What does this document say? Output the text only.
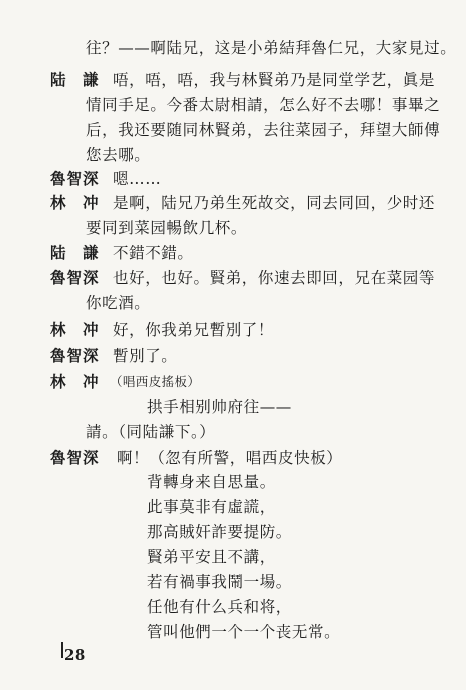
往？——啊陆兄，这是小弟結拜魯仁兄，大家見过。
陆　謙 唔，唔，唔，我与林賢弟乃是同堂学艺，眞是
情同手足。今番太尉相請，怎么好不去哪！事畢之
后，我还要随同林賢弟，去往菜园子，拜望大師傅
您去哪。
魯智深 嗯……
林　冲 是啊，陆兄乃弟生死故交，同去同回，少时还
要同到菜园暢飲几杯。
陆　謙 不錯不錯。
魯智深 也好，也好。賢弟，你速去即回，兄在菜园等
你吃酒。
林　冲 好，你我弟兄暫別了！
魯智深 暫別了。
林　冲 （唱西皮搖板）
拱手相别帅府往——
請。（同陆謙下。）
魯智深 啊！（忽有所警，唱西皮快板）
背轉身来自思量。
此事莫非有虛謊，
那高賊奸詐要提防。
賢弟平安且不講，
若有禍事我鬧一場。
任他有什么兵和将，
管叫他們一个一个丧无常。
28
